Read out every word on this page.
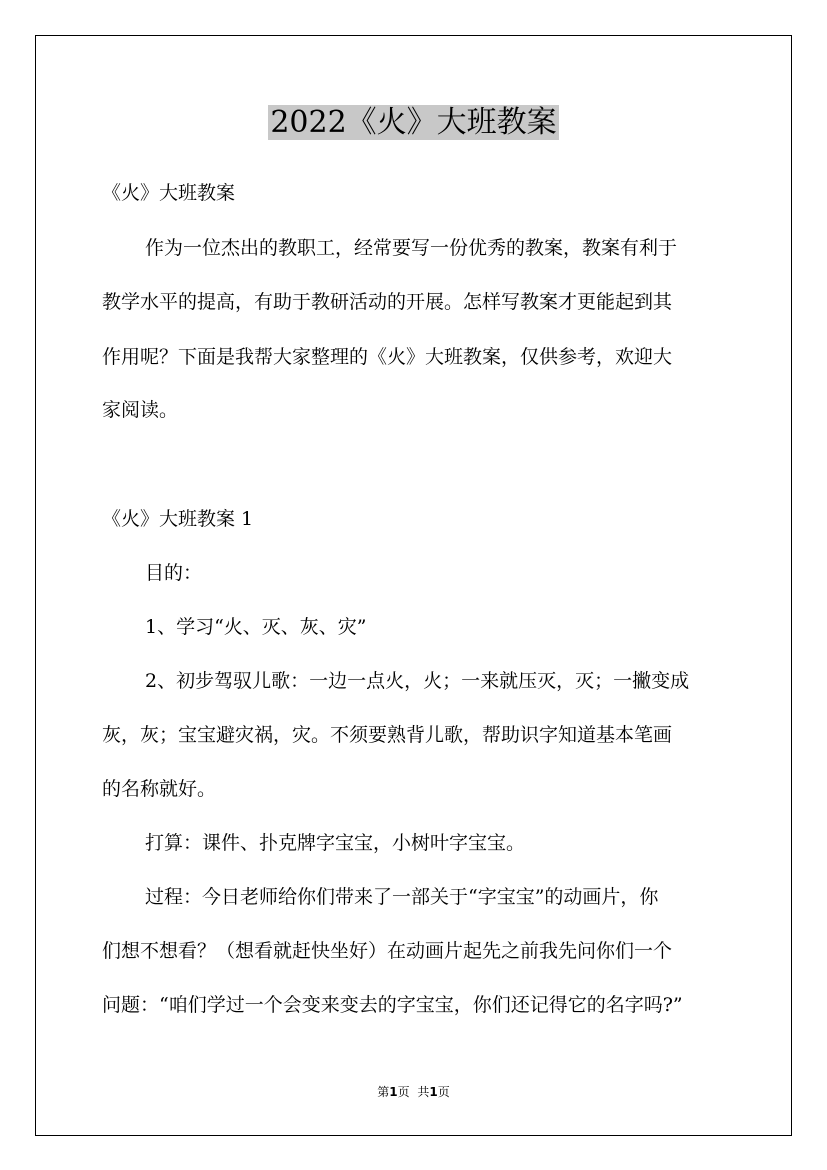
2022《火》大班教案
《火》大班教案
作为一位杰出的教职工，经常要写一份优秀的教案，教案有利于
教学水平的提高，有助于教研活动的开展。怎样写教案才更能起到其
作用呢？下面是我帮大家整理的《火》大班教案，仅供参考，欢迎大
家阅读。
《火》大班教案 1
目的：
1、学习“火、灭、灰、灾”
2、初步驾驭儿歌：一边一点火，火；一来就压灭，灭；一撇变成
灰，灰；宝宝避灾祸，灾。不须要熟背儿歌，帮助识字知道基本笔画
的名称就好。
打算：课件、扑克牌字宝宝，小树叶字宝宝。
过程：今日老师给你们带来了一部关于“字宝宝”的动画片，你
们想不想看？（想看就赶快坐好）在动画片起先之前我先问你们一个
问题：“咱们学过一个会变来变去的字宝宝，你们还记得它的名字吗?”
第1页 共1页
